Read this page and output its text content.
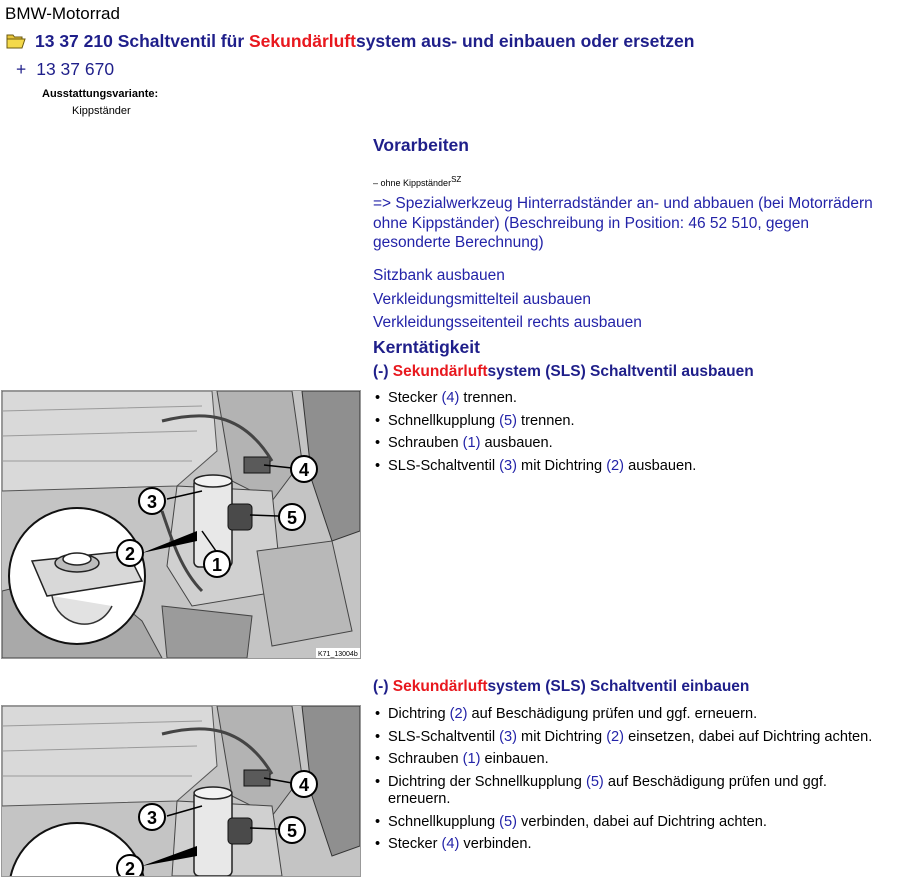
BMW-Motorrad
13 37 210 Schaltventil für Sekundärluftsystem aus- und einbauen oder ersetzen
+ 13 37 670
Ausstattungsvariante:
Kippständer
Vorarbeiten
– ohne Kippständer$^{SZ}$
=> Spezialwerkzeug Hinterradständer an- und abbauen (bei Motorrädern ohne Kippständer) (Beschreibung in Position: 46 52 510, gegen gesonderte Berechnung)
Sitzbank ausbauen
Verkleidungsmittelteil ausbauen
Verkleidungsseitenteil rechts ausbauen
Kerntätigkeit
(-) Sekundärluftsystem (SLS) Schaltventil ausbauen
• Stecker (4) trennen.
• Schnellkupplung (5) trennen.
• Schrauben (1) ausbauen.
• SLS-Schaltventil (3) mit Dichtring (2) ausbauen.
(-) Sekundärluftsystem (SLS) Schaltventil einbauen
• Dichtring (2) auf Beschädigung prüfen und ggf. erneuern.
• SLS-Schaltventil (3) mit Dichtring (2) einsetzen, dabei auf Dichtring achten.
• Schrauben (1) einbauen.
• Dichtring der Schnellkupplung (5) auf Beschädigung prüfen und ggf. erneuern.
• Schnellkupplung (5) verbinden, dabei auf Dichtring achten.
• Stecker (4) verbinden.
1
2
3
4
5
K71_13004b
2
3
4
5
